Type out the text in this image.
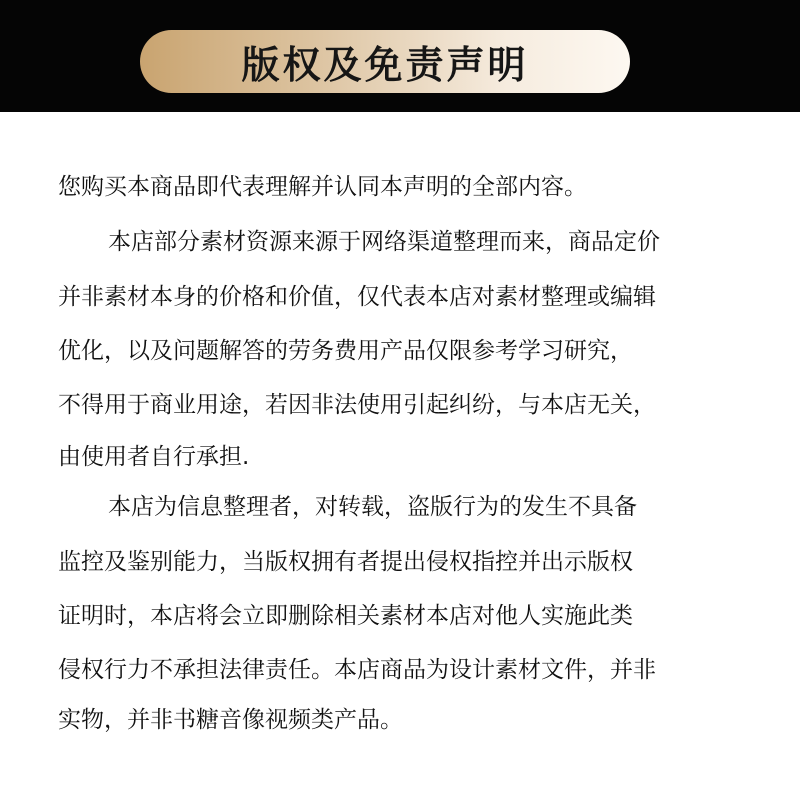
版权及免责声明
您购买本商品即代表理解并认同本声明的全部内容。
本店部分素材资源来源于网络渠道整理而来，商品定价
并非素材本身的价格和价值，仅代表本店对素材整理或编辑
优化，以及问题解答的劳务费用产品仅限参考学习研究，
不得用于商业用途，若因非法使用引起纠纷，与本店无关，
由使用者自行承担.
本店为信息整理者，对转载，盗版行为的发生不具备
监控及鉴别能力，当版权拥有者提出侵权指控并出示版权
证明时，本店将会立即删除相关素材本店对他人实施此类
侵权行力不承担法律责任。本店商品为设计素材文件，并非
实物，并非书糖音像视频类产品。
